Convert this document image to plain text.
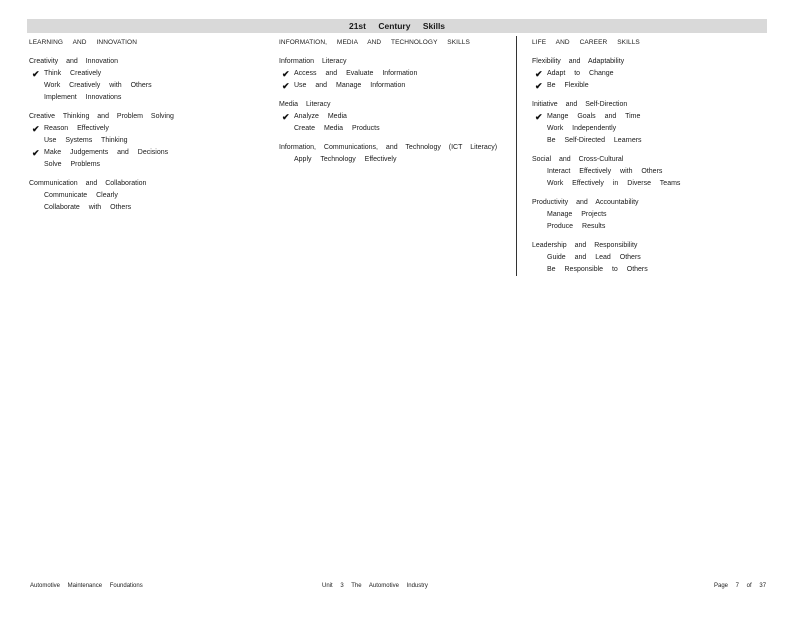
21st Century Skills
LEARNING AND INNOVATION
Creativity and Innovation
✔ Think Creatively
Work Creatively with Others
Implement Innovations
Creative Thinking and Problem Solving
✔ Reason Effectively
Use Systems Thinking
✔ Make Judgements and Decisions
Solve Problems
Communication and Collaboration
Communicate Clearly
Collaborate with Others
INFORMATION, MEDIA AND TECHNOLOGY SKILLS
Information Literacy
✔ Access and Evaluate Information
✔ Use and Manage Information
Media Literacy
✔ Analyze Media
Create Media Products
Information, Communications, and Technology (ICT Literacy)
Apply Technology Effectively
LIFE AND CAREER SKILLS
Flexibility and Adaptability
✔ Adapt to Change
✔ Be Flexible
Initiative and Self-Direction
✔ Mange Goals and Time
Work Independently
Be Self-Directed Learners
Social and Cross-Cultural
Interact Effectively with Others
Work Effectively in Diverse Teams
Productivity and Accountability
Manage Projects
Produce Results
Leadership and Responsibility
Guide and Lead Others
Be Responsible to Others
Automotive Maintenance Foundations	Unit 3 The Automotive Industry	Page 7 of 37
